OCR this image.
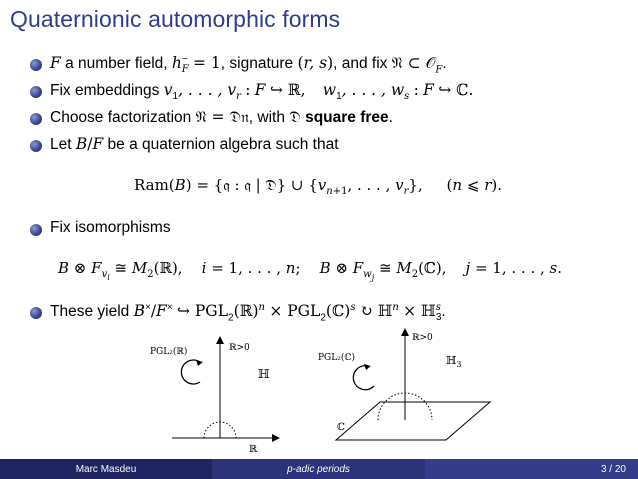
Quaternionic automorphic forms
F a number field, $h^-_F = 1$, signature (r, s), and fix 𝔑 ⊂ 𝒪$_F$.
Fix embeddings $v_1$, . . . , $v_r$ : F ↪ ℝ, $w_1$, . . . , $w_s$ : F ↪ ℂ.
Choose factorization 𝔑 = 𝔇𝔫, with 𝔇 square free.
Let B/F be a quaternion algebra such that
Ram(B) = {𝔮 : 𝔮 | 𝔇} ∪ {$v_{n+1}$, . . . , $v_r$},     (n ⩽ r).
Fix isomorphisms
B ⊗ $F_{v_i}$ ≅ $M_2(ℝ)$,    i = 1, . . . , n;    B ⊗ $F_{w_j}$ ≅ $M_2(ℂ)$,    j = 1, . . . , s.
These yield B×/F× ↪ $PGL_2(ℝ)^n$ × $PGL_2(ℂ)^s$ ↻ ℍ$^n$ × ℍ$^s_3$.
PGL₂(ℝ)	ℝ>0
ℍ
ℝ
PGL₂(ℂ)
ℝ>0
ℍ$_3$
ℂ
Marc Masdeu	p-adic periods	3 / 20
